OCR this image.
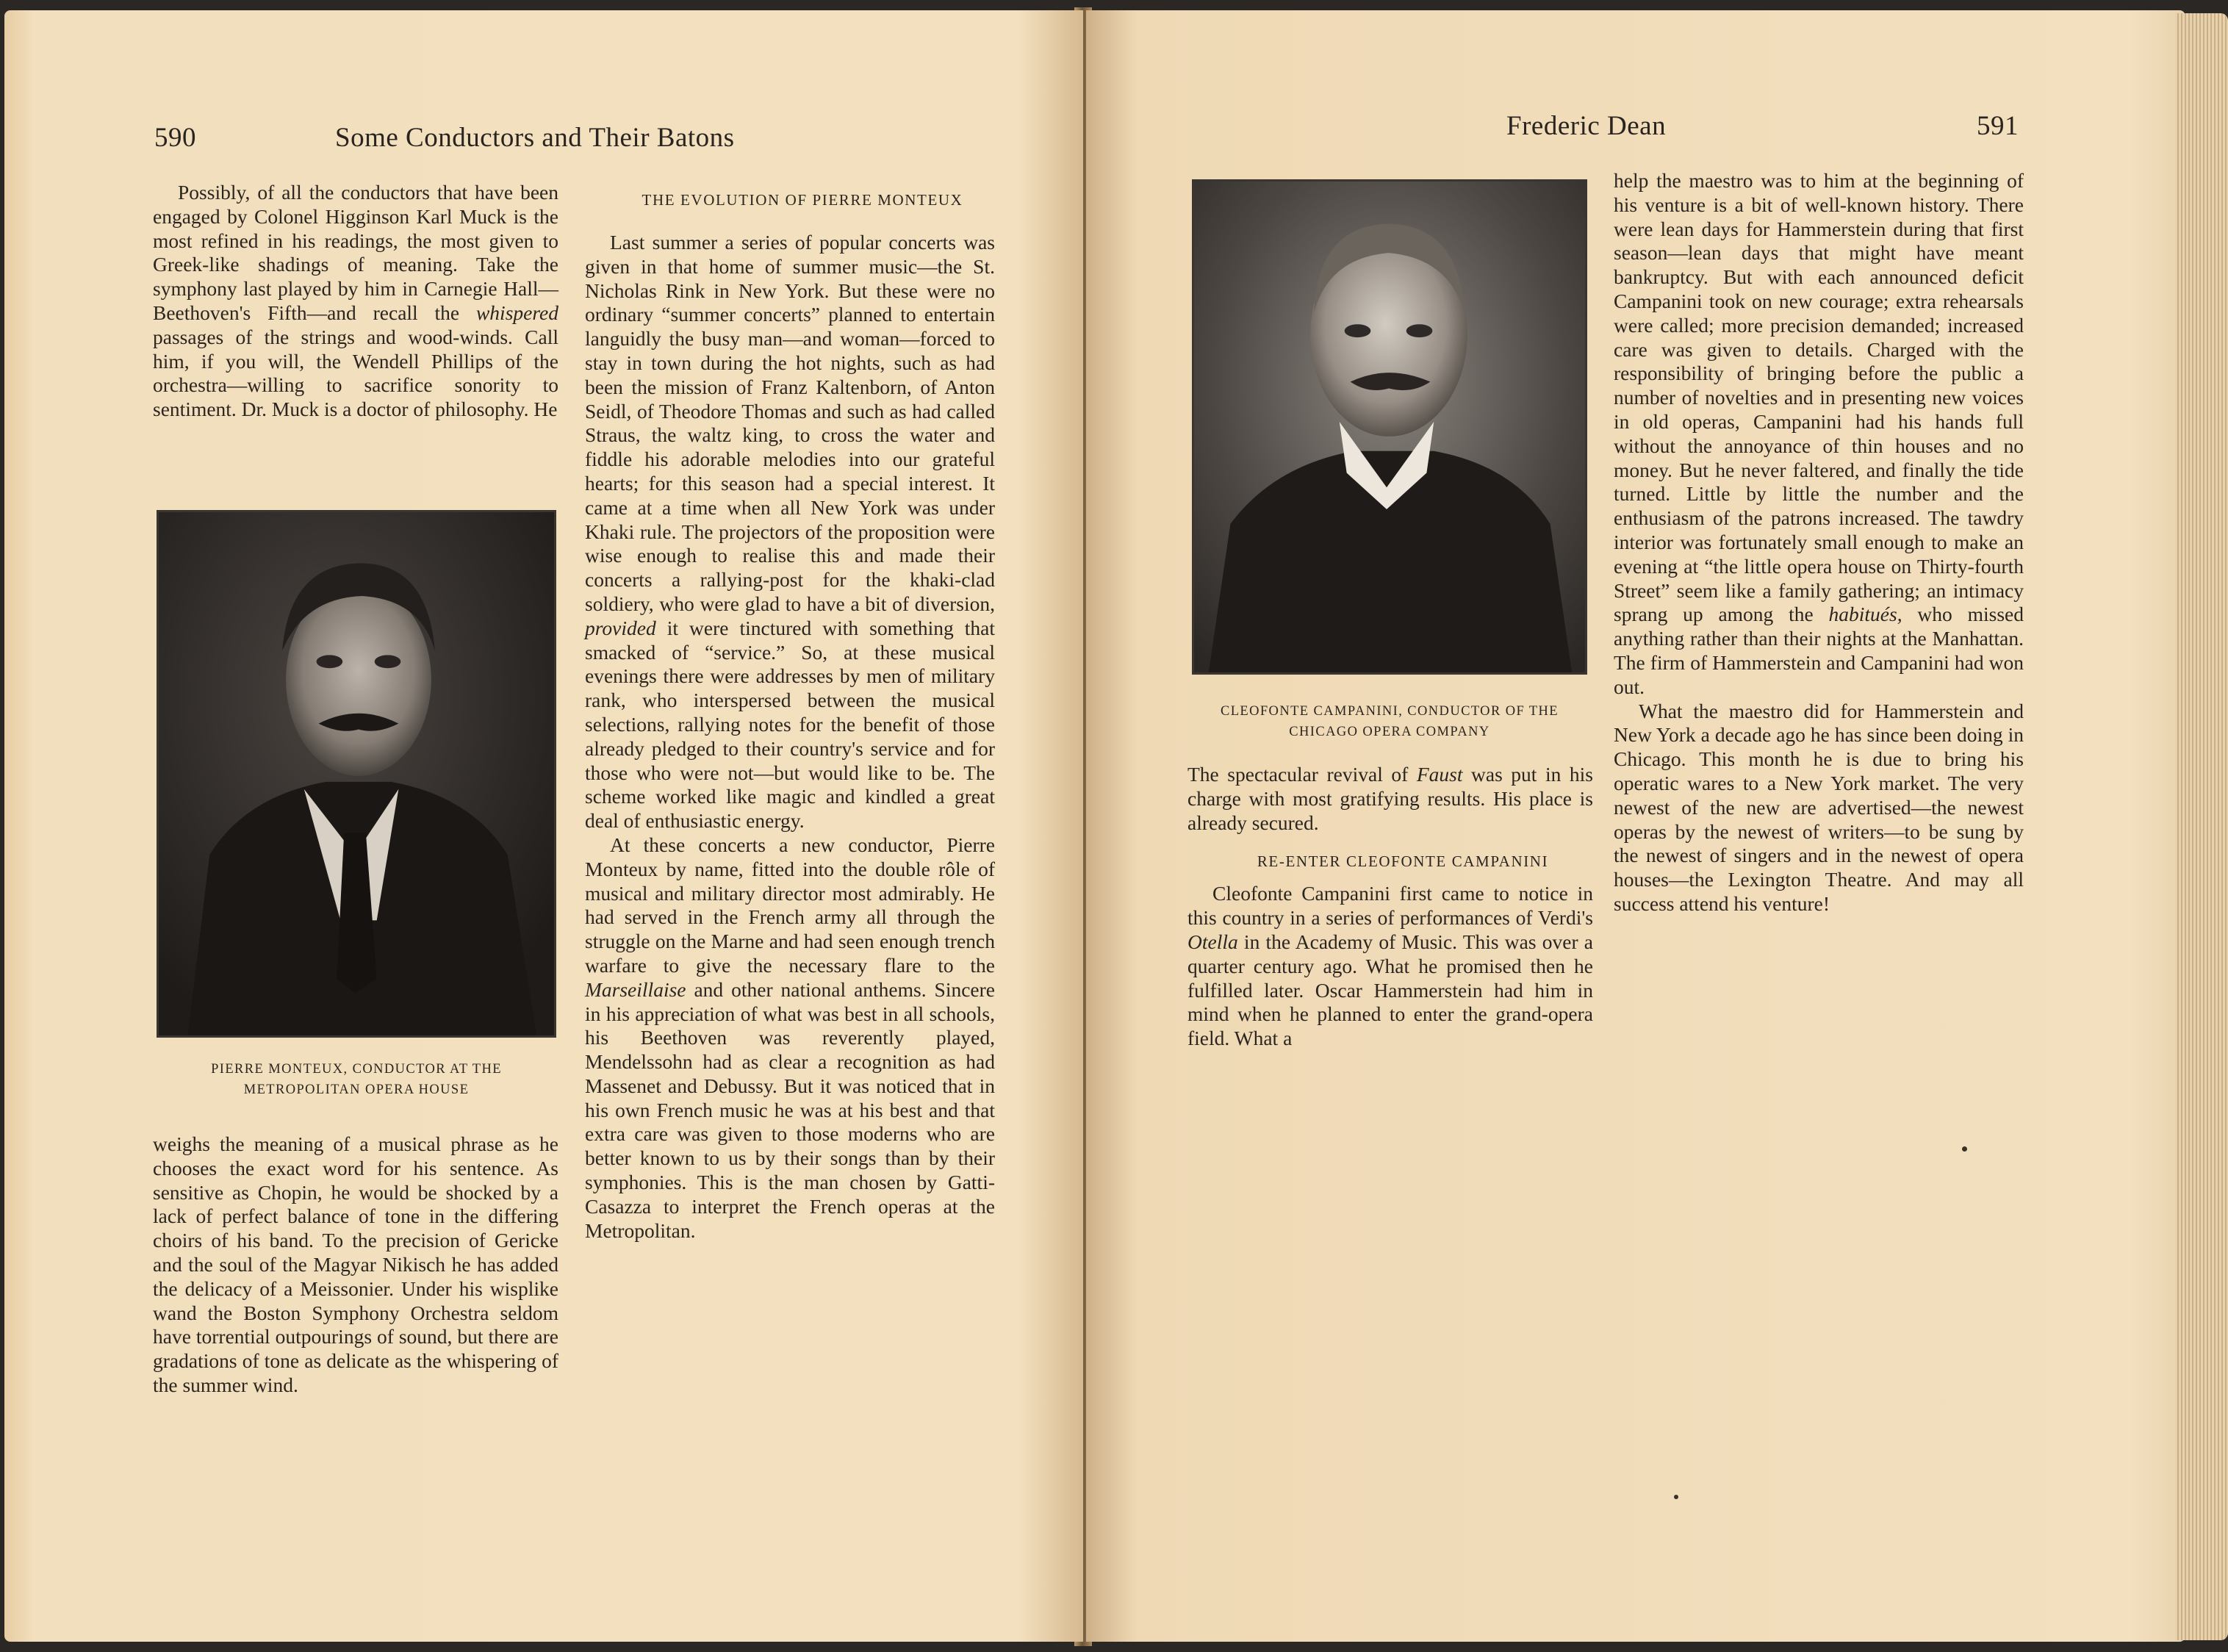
590	Some Conductors and Their Batons

Possibly, of all the conductors that have been engaged by Colonel Higginson Karl Muck is the most refined in his readings, the most given to Greek-like shadings of meaning. Take the symphony last played by him in Carnegie Hall—Beethoven's Fifth—and recall the whispered passages of the strings and wood-winds. Call him, if you will, the Wendell Phillips of the orchestra—willing to sacrifice sonority to sentiment. Dr. Muck is a doctor of philosophy. He

PIERRE MONTEUX, CONDUCTOR AT THE METROPOLITAN OPERA HOUSE

weighs the meaning of a musical phrase as he chooses the exact word for his sentence. As sensitive as Chopin, he would be shocked by a lack of perfect balance of tone in the differing choirs of his band. To the precision of Gericke and the soul of the Magyar Nikisch he has added the delicacy of a Meissonier. Under his wisplike wand the Boston Symphony Orchestra seldom have torrential outpourings of sound, but there are gradations of tone as delicate as the whispering of the summer wind.

THE EVOLUTION OF PIERRE MONTEUX

Last summer a series of popular concerts was given in that home of summer music—the St. Nicholas Rink in New York. But these were no ordinary “summer concerts” planned to entertain languidly the busy man—and woman—forced to stay in town during the hot nights, such as had been the mission of Franz Kaltenborn, of Anton Seidl, of Theodore Thomas and such as had called Straus, the waltz king, to cross the water and fiddle his adorable melodies into our grateful hearts; for this season had a special interest. It came at a time when all New York was under Khaki rule. The projectors of the proposition were wise enough to realise this and made their concerts a rallying-post for the khaki-clad soldiery, who were glad to have a bit of diversion, provided it were tinctured with something that smacked of “service.” So, at these musical evenings there were addresses by men of military rank, who interspersed between the musical selections, rallying notes for the benefit of those already pledged to their country's service and for those who were not—but would like to be. The scheme worked like magic and kindled a great deal of enthusiastic energy.

At these concerts a new conductor, Pierre Monteux by name, fitted into the double rôle of musical and military director most admirably. He had served in the French army all through the struggle on the Marne and had seen enough trench warfare to give the necessary flare to the Marseillaise and other national anthems. Sincere in his appreciation of what was best in all schools, his Beethoven was reverently played, Mendelssohn had as clear a recognition as had Massenet and Debussy. But it was noticed that in his own French music he was at his best and that extra care was given to those moderns who are better known to us by their songs than by their symphonies. This is the man chosen by Gatti-Casazza to interpret the French operas at the Metropolitan.

Frederic Dean	591
CLEOFONTE CAMPANINI, CONDUCTOR OF THE CHICAGO OPERA COMPANY

The spectacular revival of Faust was put in his charge with most gratifying results. His place is already secured.

RE-ENTER CLEOFONTE CAMPANINI

Cleofonte Campanini first came to notice in this country in a series of performances of Verdi's Otella in the Academy of Music. This was over a quarter century ago. What he promised then he fulfilled later. Oscar Hammerstein had him in mind when he planned to enter the grand-opera field. What a

help the maestro was to him at the beginning of his venture is a bit of well-known history. There were lean days for Hammerstein during that first season—lean days that might have meant bankruptcy. But with each announced deficit Campanini took on new courage; extra rehearsals were called; more precision demanded; increased care was given to details. Charged with the responsibility of bringing before the public a number of novelties and in presenting new voices in old operas, Campanini had his hands full without the annoyance of thin houses and no money. But he never faltered, and finally the tide turned. Little by little the number and the enthusiasm of the patrons increased. The tawdry interior was fortunately small enough to make an evening at “the little opera house on Thirty-fourth Street” seem like a family gathering; an intimacy sprang up among the habitués, who missed anything rather than their nights at the Manhattan. The firm of Hammerstein and Campanini had won out.

What the maestro did for Hammerstein and New York a decade ago he has since been doing in Chicago. This month he is due to bring his operatic wares to a New York market. The very newest of the new are advertised—the newest operas by the newest of writers—to be sung by the newest of singers and in the newest of opera houses—the Lexington Theatre. And may all success attend his venture!
